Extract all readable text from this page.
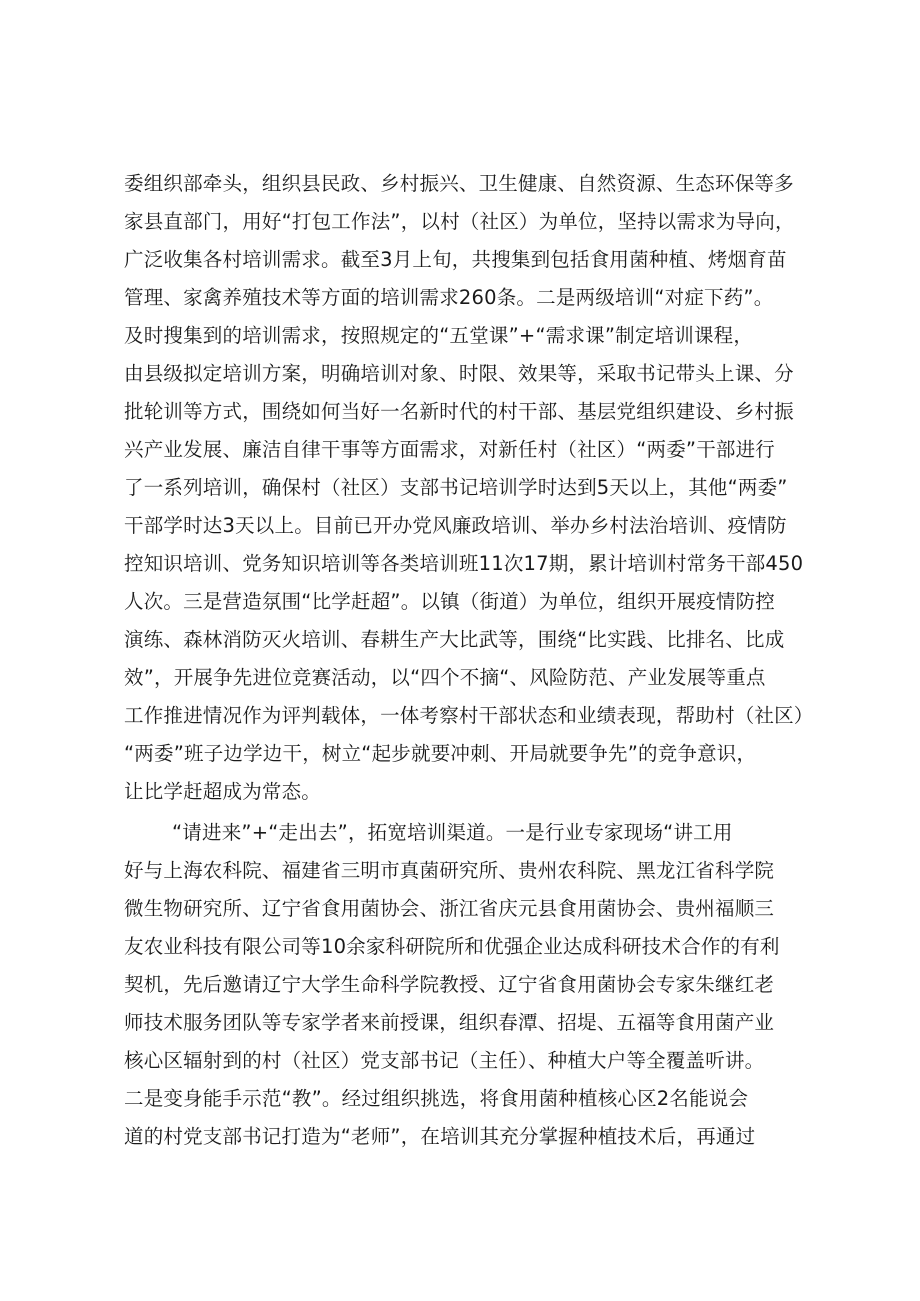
委组织部牵头，组织县民政、乡村振兴、卫生健康、自然资源、生态环保等多
家县直部门，用好“打包工作法”，以村（社区）为单位，坚持以需求为导向，
广泛收集各村培训需求。截至3月上旬，共搜集到包括食用菌种植、烤烟育苗
管理、家禽养殖技术等方面的培训需求260条。二是两级培训“对症下药”。
及时搜集到的培训需求，按照规定的“五堂课”+“需求课”制定培训课程，
由县级拟定培训方案，明确培训对象、时限、效果等，采取书记带头上课、分
批轮训等方式，围绕如何当好一名新时代的村干部、基层党组织建设、乡村振
兴产业发展、廉洁自律干事等方面需求，对新任村（社区）“两委”干部进行
了一系列培训，确保村（社区）支部书记培训学时达到5天以上，其他“两委”
干部学时达3天以上。目前已开办党风廉政培训、举办乡村法治培训、疫情防
控知识培训、党务知识培训等各类培训班11次17期，累计培训村常务干部450
人次。三是营造氛围“比学赶超”。以镇（街道）为单位，组织开展疫情防控
演练、森林消防灭火培训、春耕生产大比武等，围绕“比实践、比排名、比成
效”，开展争先进位竞赛活动，以“四个不摘“、风险防范、产业发展等重点
工作推进情况作为评判载体，一体考察村干部状态和业绩表现，帮助村（社区）
“两委”班子边学边干，树立“起步就要冲刺、开局就要争先”的竞争意识，
让比学赶超成为常态。
“请进来”+“走出去”，拓宽培训渠道。一是行业专家现场“讲工用
好与上海农科院、福建省三明市真菌研究所、贵州农科院、黑龙江省科学院
微生物研究所、辽宁省食用菌协会、浙江省庆元县食用菌协会、贵州福顺三
友农业科技有限公司等10余家科研院所和优强企业达成科研技术合作的有利
契机，先后邀请辽宁大学生命科学院教授、辽宁省食用菌协会专家朱继红老
师技术服务团队等专家学者来前授课，组织春潭、招堤、五福等食用菌产业
核心区辐射到的村（社区）党支部书记（主任）、种植大户等全覆盖听讲。
二是变身能手示范“教”。经过组织挑选，将食用菌种植核心区2名能说会
道的村党支部书记打造为“老师”，在培训其充分掌握种植技术后，再通过
